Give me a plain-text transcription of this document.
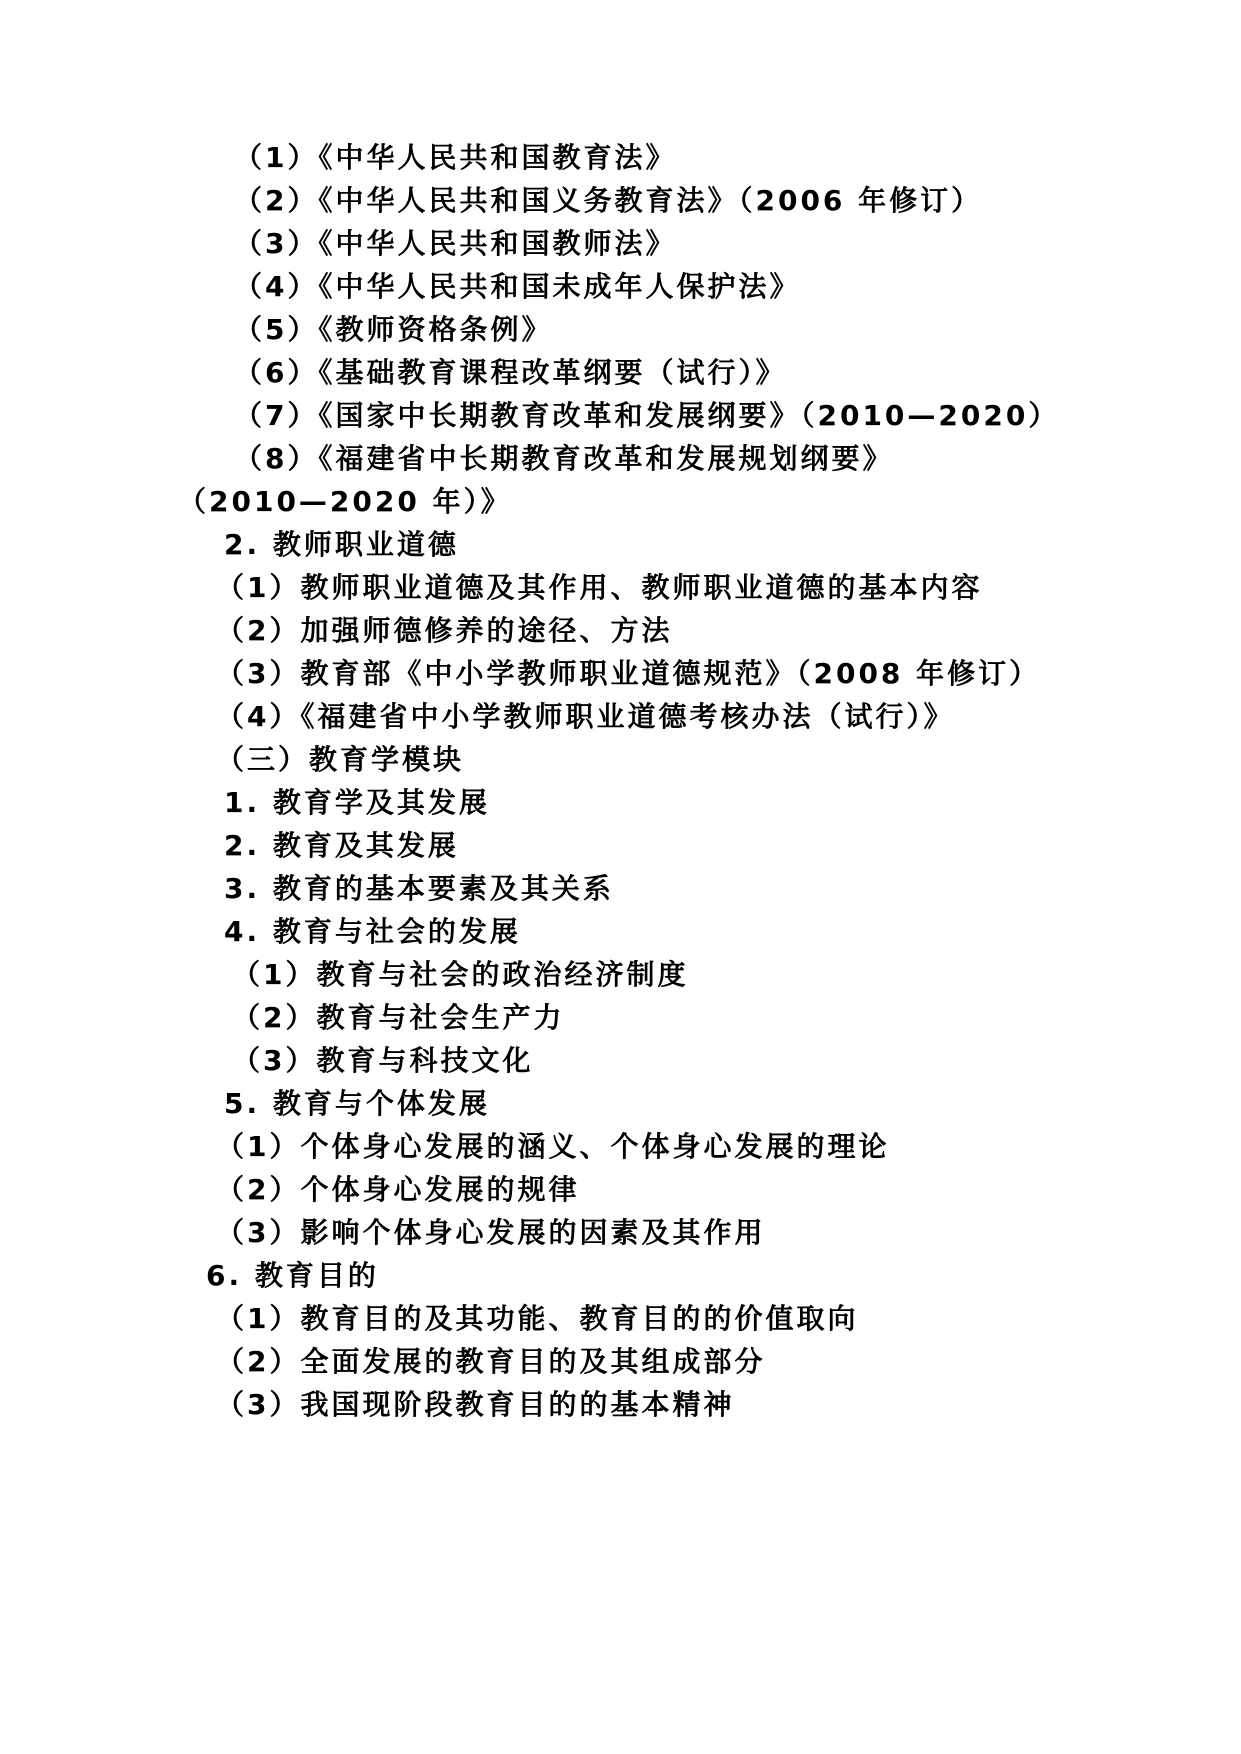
（1）《中华人民共和国教育法》
（2）《中华人民共和国义务教育法》（2006 年修订）
（3）《中华人民共和国教师法》
（4）《中华人民共和国未成年人保护法》
（5）《教师资格条例》
（6）《基础教育课程改革纲要（试行）》
（7）《国家中长期教育改革和发展纲要》（2010—2020）
（8）《福建省中长期教育改革和发展规划纲要》
（2010—2020 年）》
2. 教师职业道德
（1）教师职业道德及其作用、教师职业道德的基本内容
（2）加强师德修养的途径、方法
（3）教育部《中小学教师职业道德规范》（2008 年修订）
（4）《福建省中小学教师职业道德考核办法（试行）》
（三）教育学模块
1. 教育学及其发展
2. 教育及其发展
3. 教育的基本要素及其关系
4. 教育与社会的发展
（1）教育与社会的政治经济制度
（2）教育与社会生产力
（3）教育与科技文化
5. 教育与个体发展
（1）个体身心发展的涵义、个体身心发展的理论
（2）个体身心发展的规律
（3）影响个体身心发展的因素及其作用
6. 教育目的
（1）教育目的及其功能、教育目的的价值取向
（2）全面发展的教育目的及其组成部分
（3）我国现阶段教育目的的基本精神
